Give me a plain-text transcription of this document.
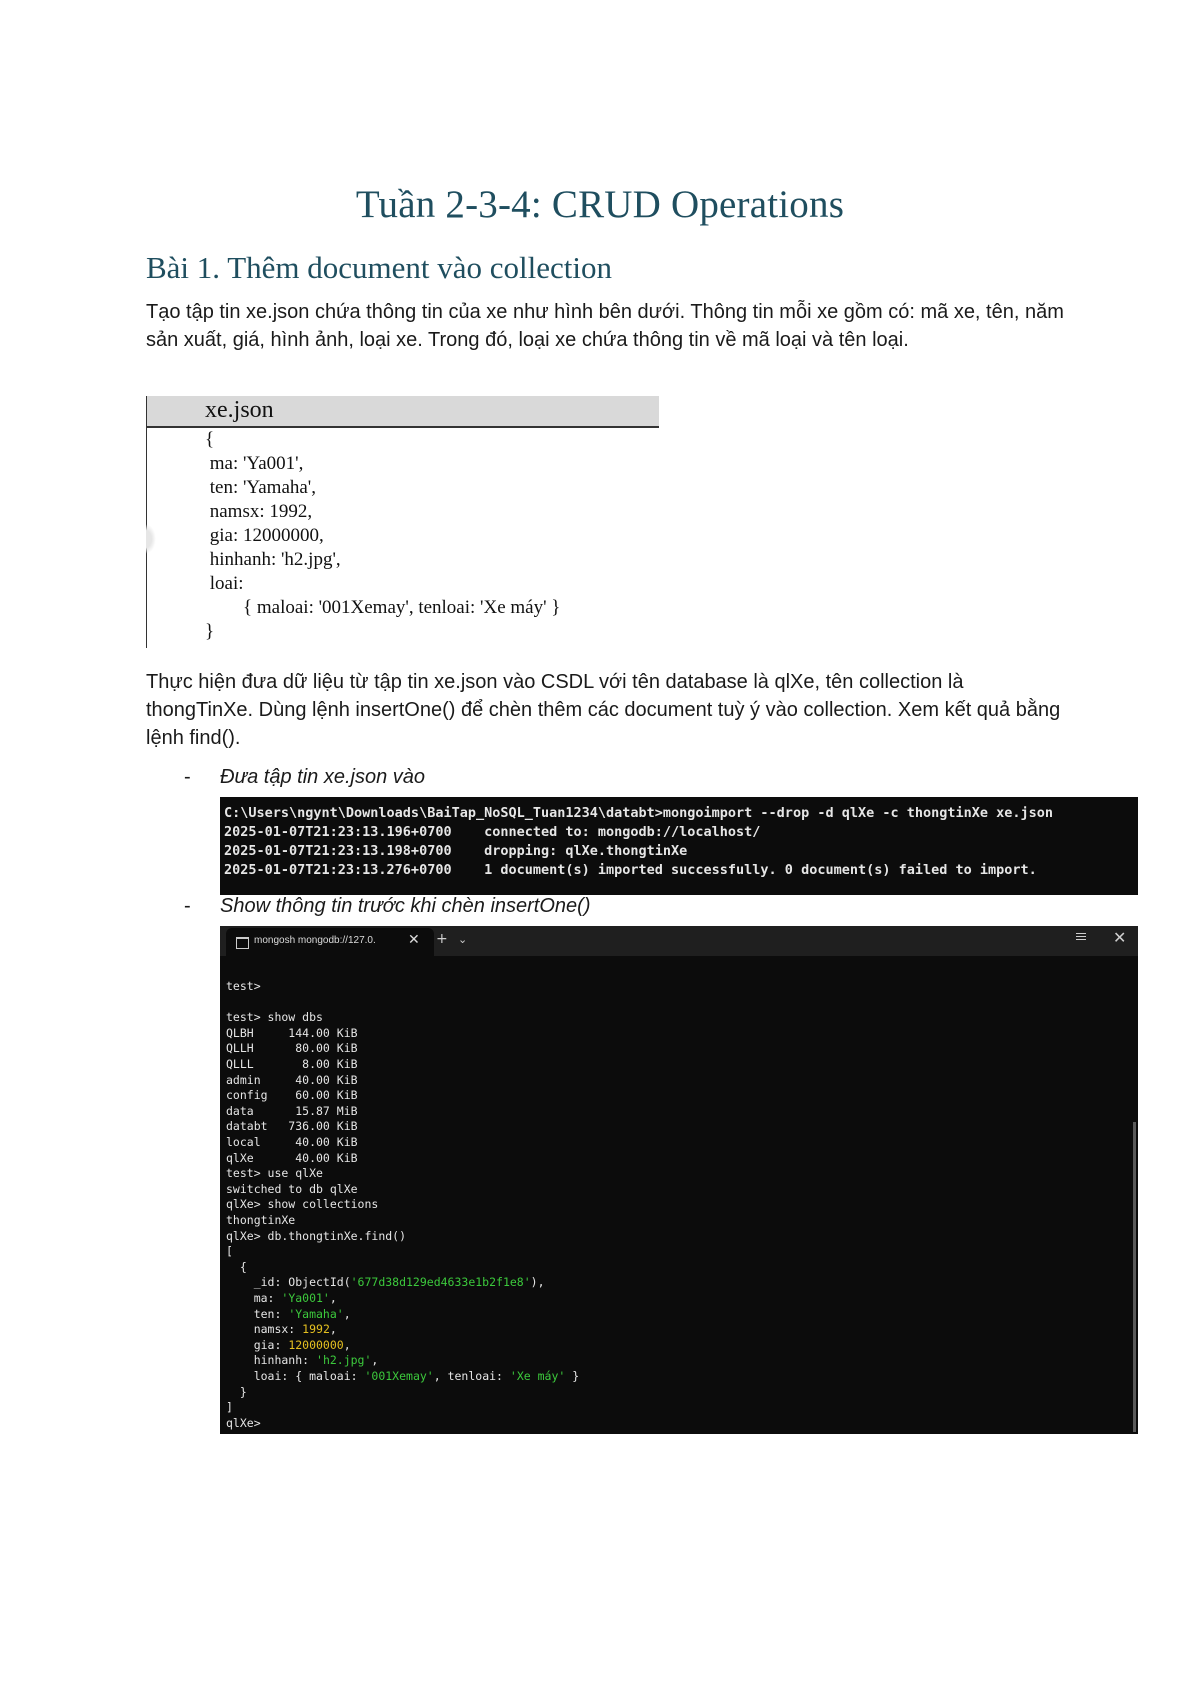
Tuần 2-3-4: CRUD Operations
Bài 1. Thêm document vào collection
Tạo tập tin xe.json chứa thông tin của xe như hình bên dưới. Thông tin mỗi xe gồm có: mã xe, tên, năm sản xuất, giá, hình ảnh, loại xe. Trong đó, loại xe chứa thông tin về mã loại và tên loại.
xe.json
{
ma: 'Ya001',
ten: 'Yamaha',
namsx: 1992,
gia: 12000000,
hinhanh: 'h2.jpg',
loai:
{ maloai: '001Xemay', tenloai: 'Xe máy' }
}
Thực hiện đưa dữ liệu từ tập tin xe.json vào CSDL với tên database là qlXe, tên collection là thongTinXe. Dùng lệnh insertOne() để chèn thêm các document tuỳ ý vào collection. Xem kết quả bằng lệnh find().
- Đưa tập tin xe.json vào
C:\Users\ngynt\Downloads\BaiTap_NoSQL_Tuan1234\databt>mongoimport --drop -d qlXe -c thongtinXe xe.json
2025-01-07T21:23:13.196+0700    connected to: mongodb://localhost/
2025-01-07T21:23:13.198+0700    dropping: qlXe.thongtinXe
2025-01-07T21:23:13.276+0700    1 document(s) imported successfully. 0 document(s) failed to import.
- Show thông tin trước khi chèn insertOne()
mongosh mongodb://127.0. ✕ + ⌄	✕
test>
test> show dbs
QLBH     144.00 KiB
QLLH      80.00 KiB
QLLL       8.00 KiB
admin     40.00 KiB
config    60.00 KiB
data      15.87 MiB
databt   736.00 KiB
local     40.00 KiB
qlXe      40.00 KiB
test> use qlXe
switched to db qlXe
qlXe> show collections
thongtinXe
qlXe> db.thongtinXe.find()
[
{
_id: ObjectId('677d38d129ed4633e1b2f1e8'),
ma: 'Ya001',
ten: 'Yamaha',
namsx: 1992,
gia: 12000000,
hinhanh: 'h2.jpg',
loai: { maloai: '001Xemay', tenloai: 'Xe máy' }
}
]
qlXe>
